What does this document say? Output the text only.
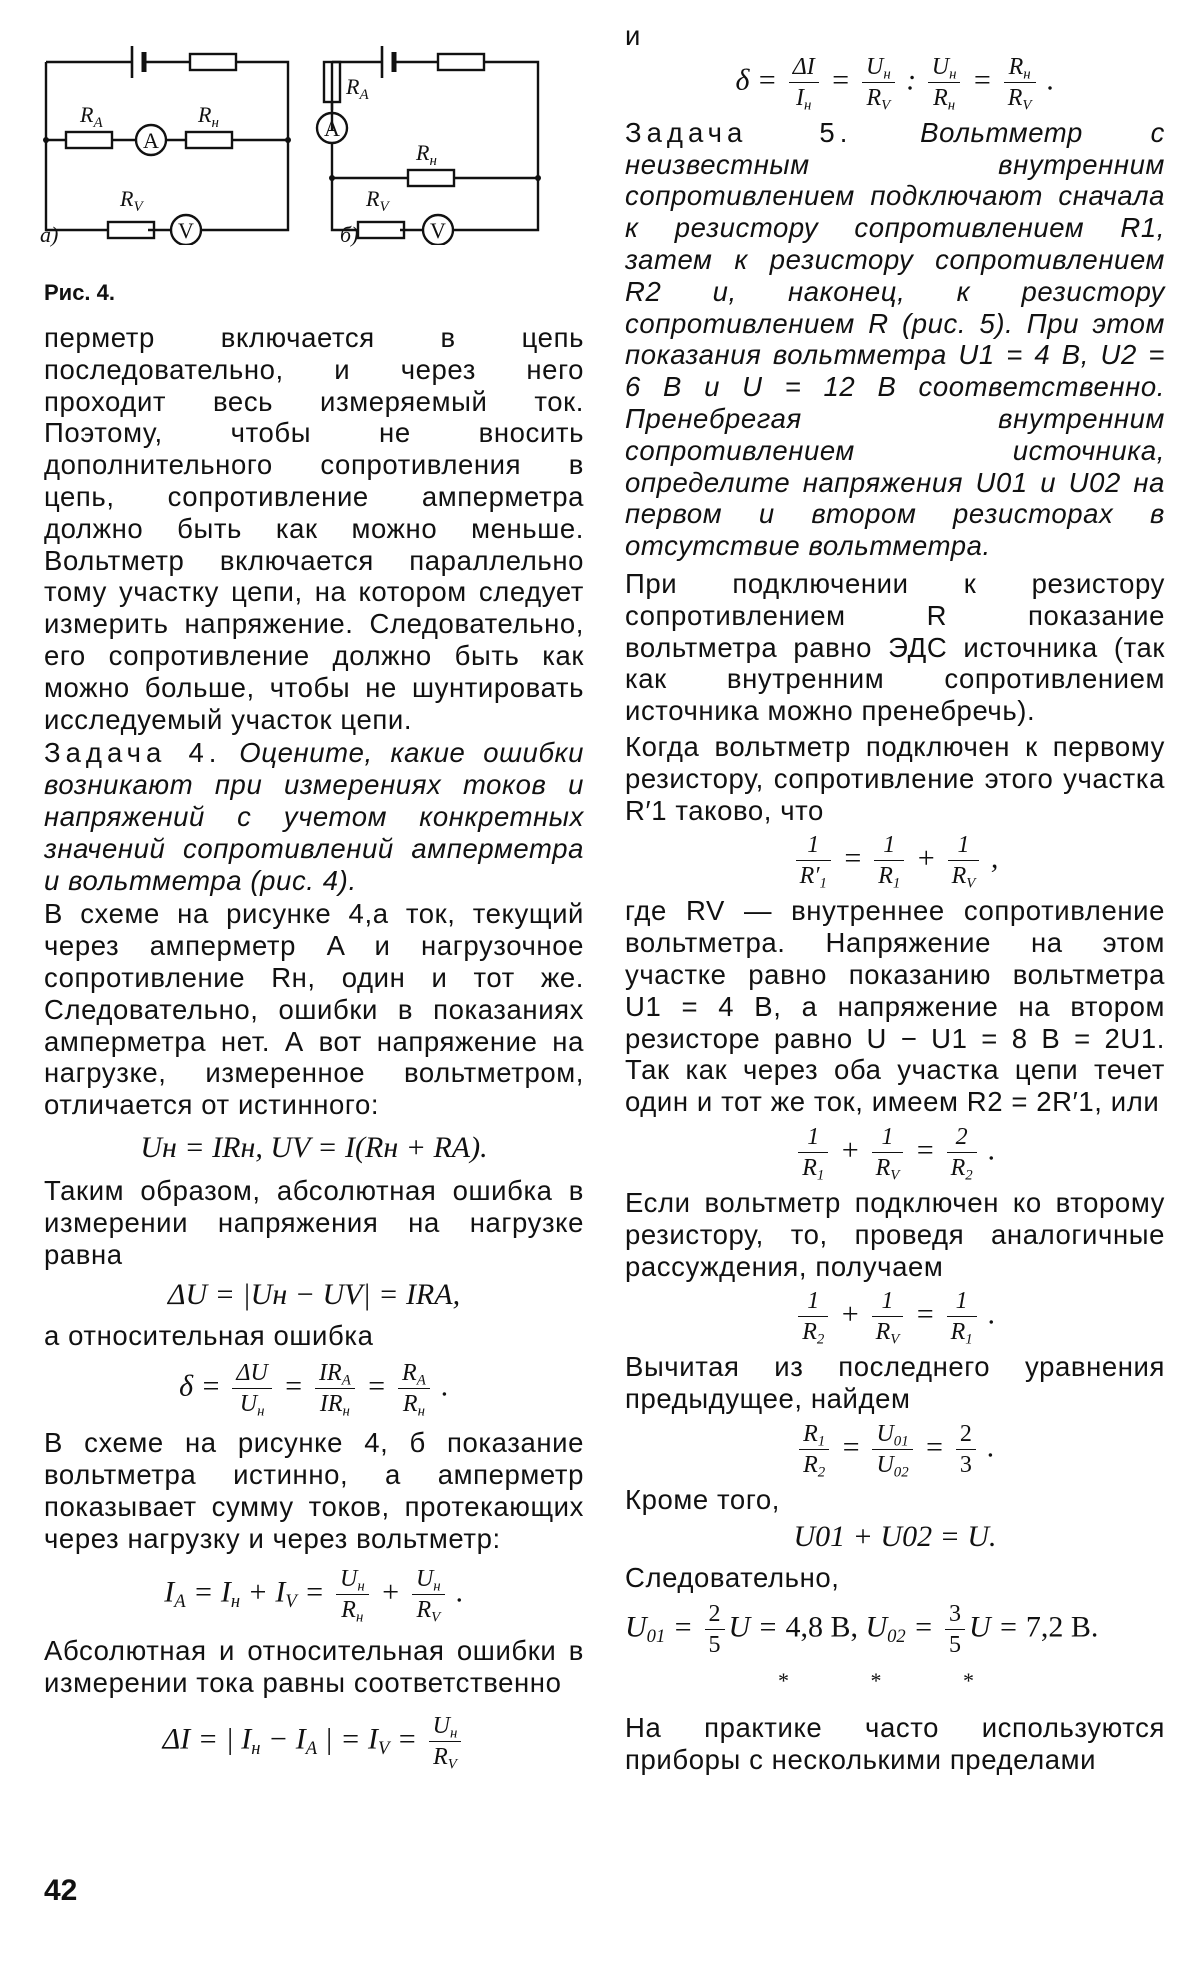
$R_A$	$R_н$
A
$R_V$
V
$R_A$
A
$R_н$
$R_V$
V
а)	б)

Рис. 4.

перметр включается в цепь последовательно, и через него проходит весь измеряемый ток. Поэтому, чтобы не вносить дополнительного сопротивления в цепь, сопротивление амперметра должно быть как можно меньше. Вольтметр включается параллельно тому участку цепи, на котором следует измерить напряжение. Следовательно, его сопротивление должно быть как можно больше, чтобы не шунтировать исследуемый участок цепи.

Задача 4. Оцените, какие ошибки возникают при измерениях токов и напряжений с учетом конкретных значений сопротивлений амперметра и вольтметра (рис. 4).

В схеме на рисунке 4,а ток, текущий через амперметр A и нагрузочное сопротивление Rн, один и тот же. Следовательно, ошибки в показаниях амперметра нет. А вот напряжение на нагрузке, измеренное вольтметром, отличается от истинного:

Uн = IRн, UV = I(Rн + RA).

Таким образом, абсолютная ошибка в измерении напряжения на нагрузке равна

ΔU = |Uн − UV| = IRA,

а относительная ошибка

$\delta = \frac{\Delta U}{U_н} = \frac{IR_A}{IR_н} = \frac{R_A}{R_н}$ .

В схеме на рисунке 4, б показание вольтметра истинно, а амперметр показывает сумму токов, протекающих через нагрузку и через вольтметр:

$I_A = I_н + I_V = \frac{U_н}{R_н} + \frac{U_н}{R_V}$ .

Абсолютная и относительная ошибки в измерении тока равны соответственно

ΔI = | $I_н - I_A$ | = $I_V = \frac{U_н}{R_V}$

и

$\delta = \frac{\Delta I}{I_н} = \frac{U_н}{R_V}$ : $\frac{U_н}{R_н} = \frac{R_н}{R_V}$ .

Задача 5. Вольтметр с неизвестным внутренним сопротивлением подключают сначала к резистору сопротивлением R1, затем к резистору сопротивлением R2 и, наконец, к резистору сопротивлением R (рис. 5). При этом показания вольтметра U1 = 4 В, U2 = 6 В и U = 12 В соответственно. Пренебрегая внутренним сопротивлением источника, определите напряжения U01 и U02 на первом и втором резисторах в отсутствие вольтметра.

При подключении к резистору сопротивлением R показание вольтметра равно ЭДС источника (так как внутренним сопротивлением источника можно пренебречь).

Когда вольтметр подключен к первому резистору, сопротивление этого участка R′1 таково, что

$\frac{1}{R'_1} = \frac{1}{R_1} + \frac{1}{R_V}$ ,

где RV — внутреннее сопротивление вольтметра. Напряжение на этом участке равно показанию вольтметра U1 = 4 В, а напряжение на втором резисторе равно U − U1 = 8 В = 2U1. Так как через оба участка цепи течет один и тот же ток, имеем R2 = 2R′1, или

$\frac{1}{R_1} + \frac{1}{R_V} = \frac{2}{R_2}$ .

Если вольтметр подключен ко второму резистору, то, проведя аналогичные рассуждения, получаем

$\frac{1}{R_2} + \frac{1}{R_V} = \frac{1}{R_1}$ .

Вычитая из последнего уравнения предыдущее, найдем

$\frac{R_1}{R_2} = \frac{U_{01}}{U_{02}} = \frac{2}{3}$ .

Кроме того,

U01 + U02 = U.

Следовательно,

$U_{01} = \frac{2}{5}$ U = 4,8 В, $U_{02} = \frac{3}{5}$ U = 7,2 В.

* * *

На практике часто используются приборы с несколькими пределами

42
